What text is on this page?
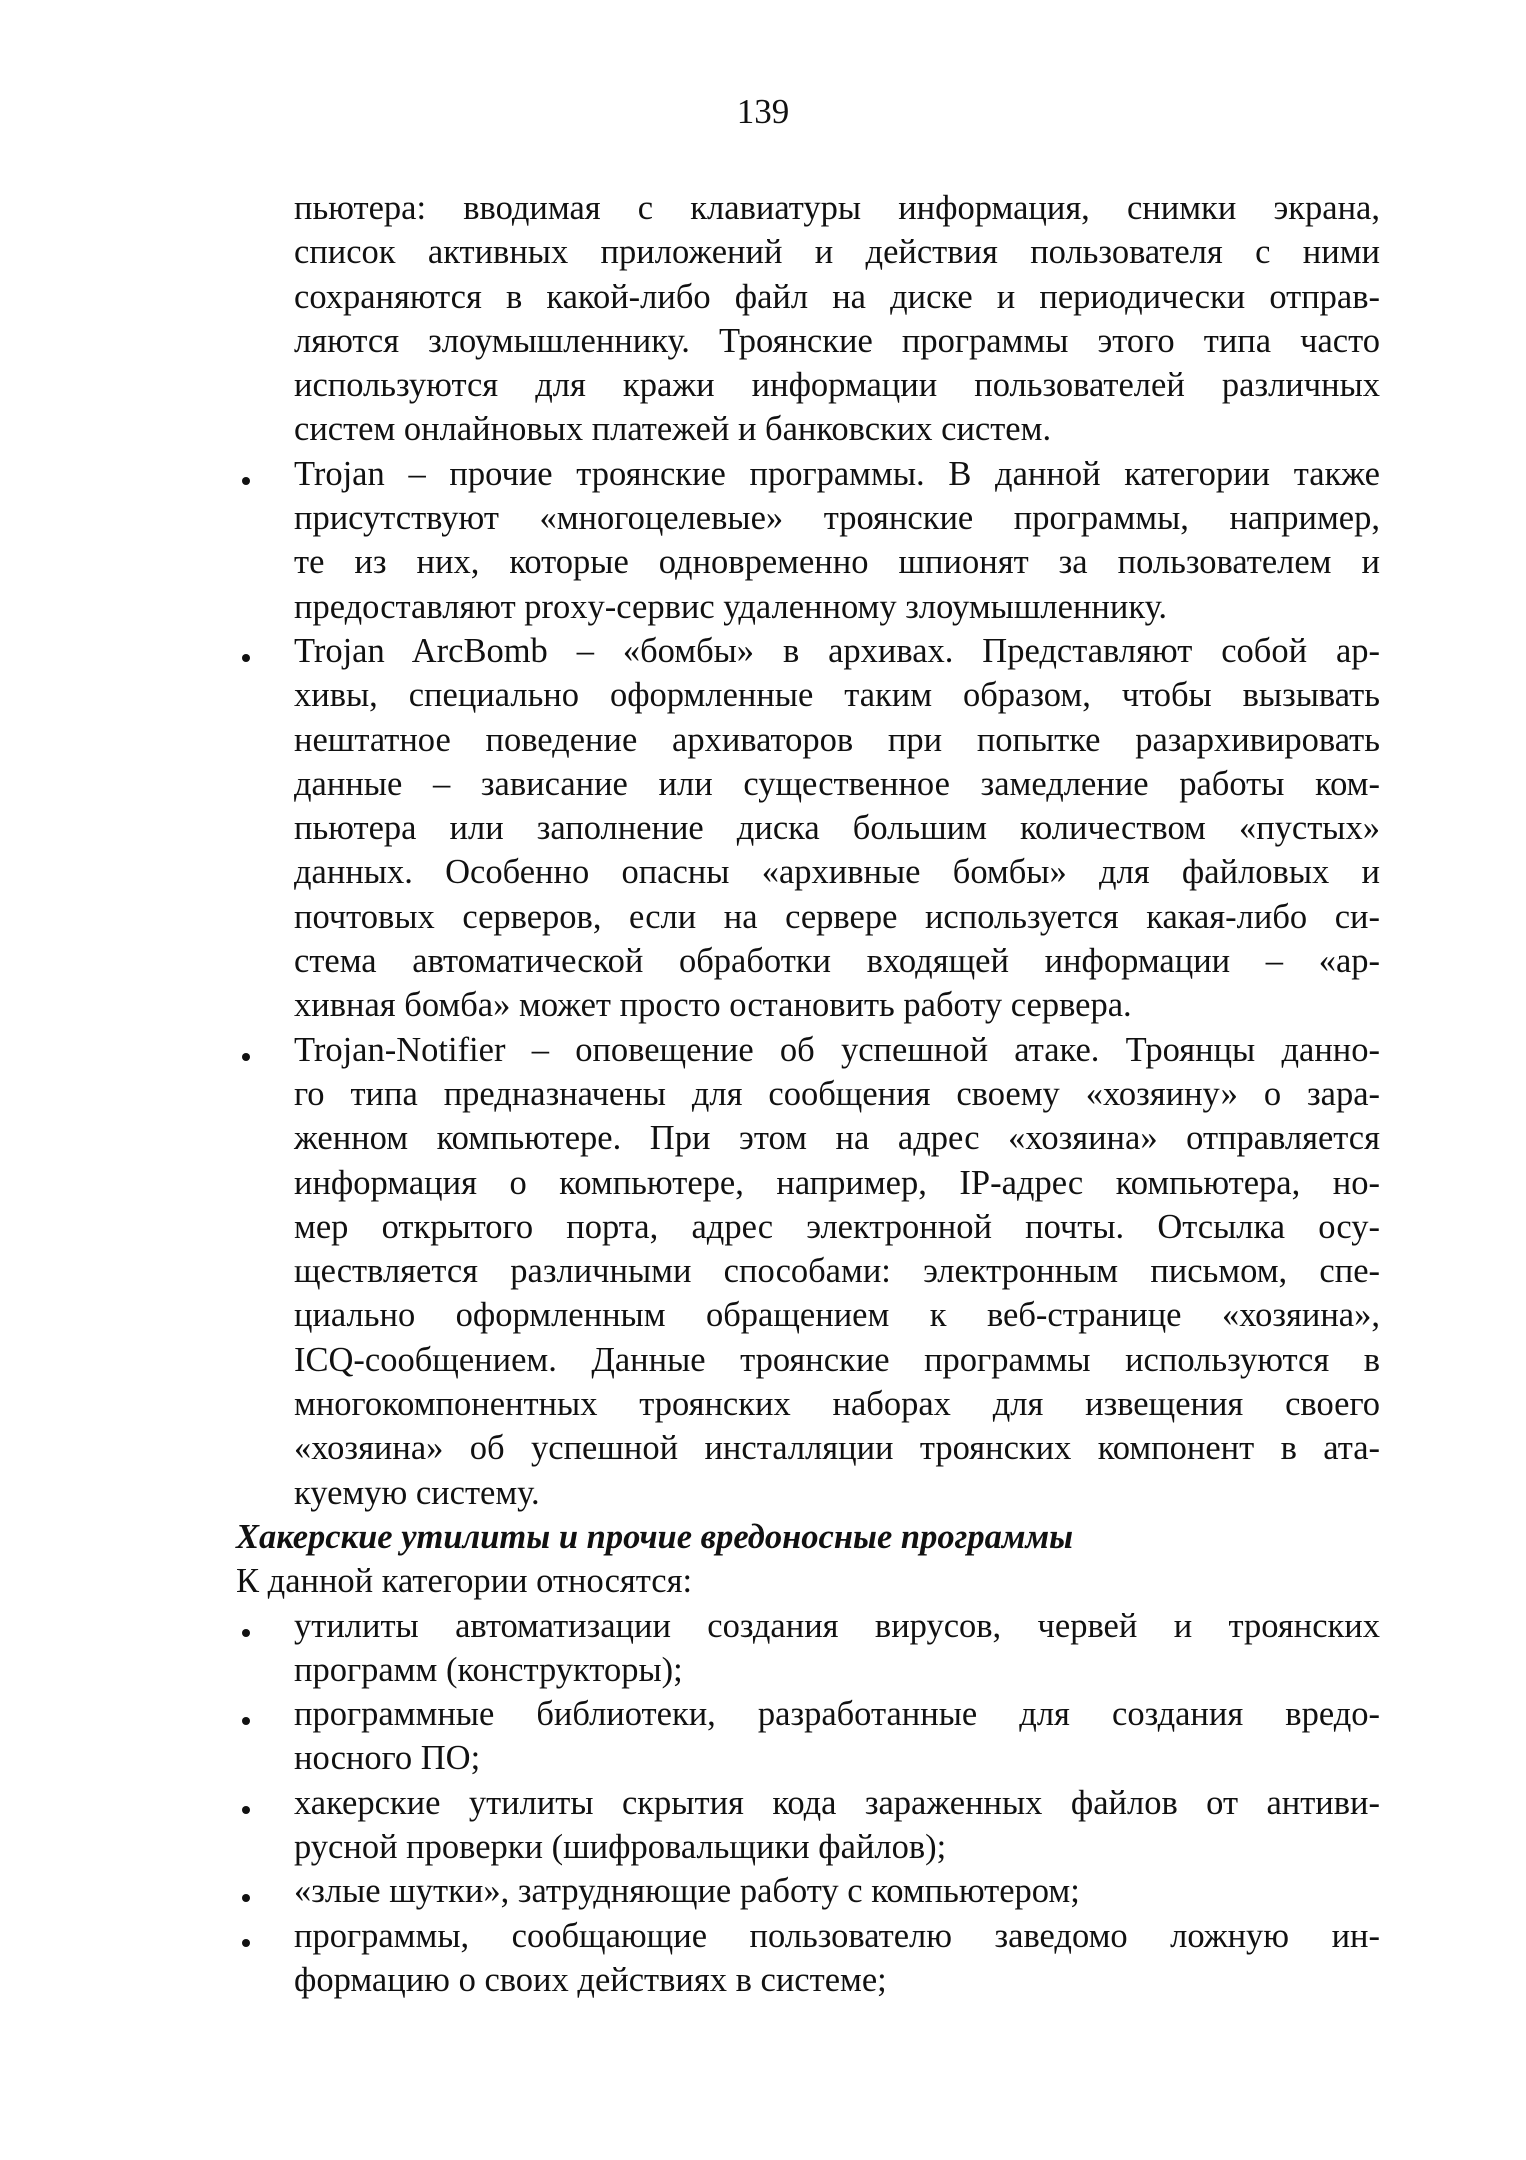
139
пьютера: вводимая с клавиатуры информация, снимки экрана,
список активных приложений и действия пользователя с ними
сохраняются в какой-либо файл на диске и периодически отправ-
ляются злоумышленнику. Троянские программы этого типа часто
используются для кражи информации пользователей различных
систем онлайновых платежей и банковских систем.
Trojan – прочие троянские программы. В данной категории также
присутствуют «многоцелевые» троянские программы, например,
те из них, которые одновременно шпионят за пользователем и
предоставляют proxy-сервис удаленному злоумышленнику.
Trojan ArcBomb – «бомбы» в архивах. Представляют собой ар-
хивы, специально оформленные таким образом, чтобы вызывать
нештатное поведение архиваторов при попытке разархивировать
данные – зависание или существенное замедление работы ком-
пьютера или заполнение диска большим количеством «пустых»
данных. Особенно опасны «архивные бомбы» для файловых и
почтовых серверов, если на сервере используется какая-либо си-
стема автоматической обработки входящей информации – «ар-
хивная бомба» может просто остановить работу сервера.
Trojan-Notifier – оповещение об успешной атаке. Троянцы данно-
го типа предназначены для сообщения своему «хозяину» о зара-
женном компьютере. При этом на адрес «хозяина» отправляется
информация о компьютере, например, IP-адрес компьютера, но-
мер открытого порта, адрес электронной почты. Отсылка осу-
ществляется различными способами: электронным письмом, спе-
циально оформленным обращением к веб-странице «хозяина»,
ICQ-сообщением. Данные троянские программы используются в
многокомпонентных троянских наборах для извещения своего
«хозяина» об успешной инсталляции троянских компонент в ата-
куемую систему.
Хакерские утилиты и прочие вредоносные программы
К данной категории относятся:
утилиты автоматизации создания вирусов, червей и троянских
программ (конструкторы);
программные библиотеки, разработанные для создания вредо-
носного ПО;
хакерские утилиты скрытия кода зараженных файлов от антиви-
русной проверки (шифровальщики файлов);
«злые шутки», затрудняющие работу с компьютером;
программы, сообщающие пользователю заведомо ложную ин-
формацию о своих действиях в системе;
